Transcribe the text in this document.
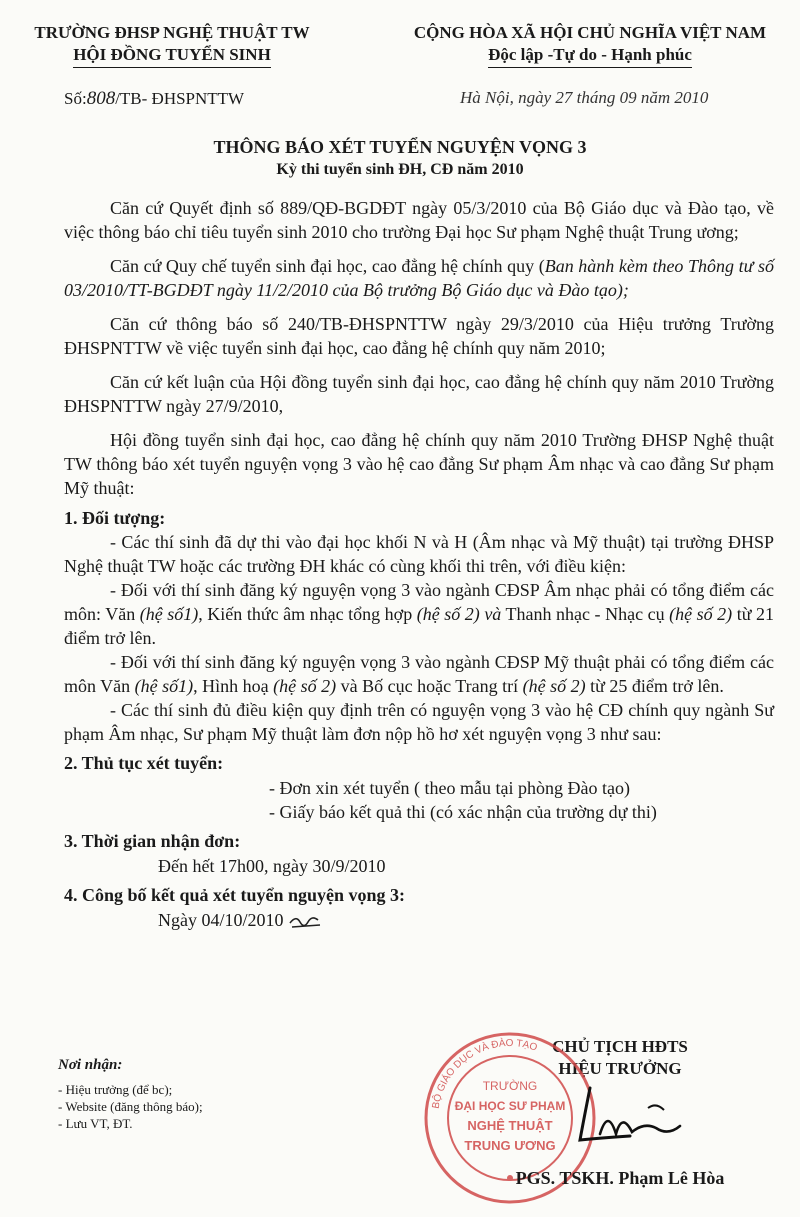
TRƯỜNG ĐHSP NGHỆ THUẬT TW
HỘI ĐỒNG TUYỂN SINH
CỘNG HÒA XÃ HỘI CHỦ NGHĨA VIỆT NAM
Độc lập -Tự do - Hạnh phúc
Số:808/TB- ĐHSPNTTW	Hà Nội, ngày 27 tháng 09 năm 2010
THÔNG BÁO XÉT TUYỂN NGUYỆN VỌNG 3
Kỳ thi tuyển sinh ĐH, CĐ năm 2010
Căn cứ Quyết định số 889/QĐ-BGDĐT ngày 05/3/2010 của Bộ Giáo dục và Đào tạo, về việc thông báo chỉ tiêu tuyển sinh 2010 cho trường Đại học Sư phạm Nghệ thuật Trung ương;
Căn cứ Quy chế tuyển sinh đại học, cao đẳng hệ chính quy (Ban hành kèm theo Thông tư số 03/2010/TT-BGDĐT ngày 11/2/2010 của Bộ trưởng Bộ Giáo dục và Đào tạo);
Căn cứ thông báo số 240/TB-ĐHSPNTTW ngày 29/3/2010 của Hiệu trưởng Trường ĐHSPNTTW về việc tuyển sinh đại học, cao đẳng hệ chính quy năm 2010;
Căn cứ kết luận của Hội đồng tuyển sinh đại học, cao đẳng hệ chính quy năm 2010 Trường ĐHSPNTTW ngày 27/9/2010,
Hội đồng tuyển sinh đại học, cao đẳng hệ chính quy năm 2010 Trường ĐHSP Nghệ thuật TW thông báo xét tuyển nguyện vọng 3 vào hệ cao đẳng Sư phạm Âm nhạc và cao đẳng Sư phạm Mỹ thuật:
1. Đối tượng:
- Các thí sinh đã dự thi vào đại học khối N và H (Âm nhạc và Mỹ thuật) tại trường ĐHSP Nghệ thuật TW hoặc các trường ĐH khác có cùng khối thi trên, với điều kiện:
- Đối với thí sinh đăng ký nguyện vọng 3 vào ngành CĐSP Âm nhạc phải có tổng điểm các môn: Văn (hệ số1), Kiến thức âm nhạc tổng hợp (hệ số 2) và Thanh nhạc - Nhạc cụ (hệ số 2) từ 21 điểm trở lên.
- Đối với thí sinh đăng ký nguyện vọng 3 vào ngành CĐSP Mỹ thuật phải có tổng điểm các môn Văn (hệ số1), Hình hoạ (hệ số 2) và Bố cục hoặc Trang trí (hệ số 2) từ 25 điểm trở lên.
- Các thí sinh đủ điều kiện quy định trên có nguyện vọng 3 vào hệ CĐ chính quy ngành Sư phạm Âm nhạc, Sư phạm Mỹ thuật làm đơn nộp hồ hơ xét nguyện vọng 3 như sau:
2. Thủ tục xét tuyển:
- Đơn xin xét tuyển ( theo mẫu tại phòng Đào tạo)
- Giấy báo kết quả thi (có xác nhận của trường dự thi)
3. Thời gian nhận đơn:
Đến hết 17h00, ngày 30/9/2010
4. Công bố kết quả xét tuyển nguyện vọng 3:
Ngày 04/10/2010
Nơi nhận:
- Hiệu trưởng (để bc);
- Website (đăng thông báo);
- Lưu VT, ĐT.
CHỦ TỊCH HĐTS
HIỆU TRƯỞNG
BỘ GIÁO DỤC VÀ ĐÀO TẠO
TRƯỜNG
ĐẠI HỌC SƯ PHẠM
NGHỆ THUẬT
TRUNG ƯƠNG
PGS. TSKH. Phạm Lê Hòa
